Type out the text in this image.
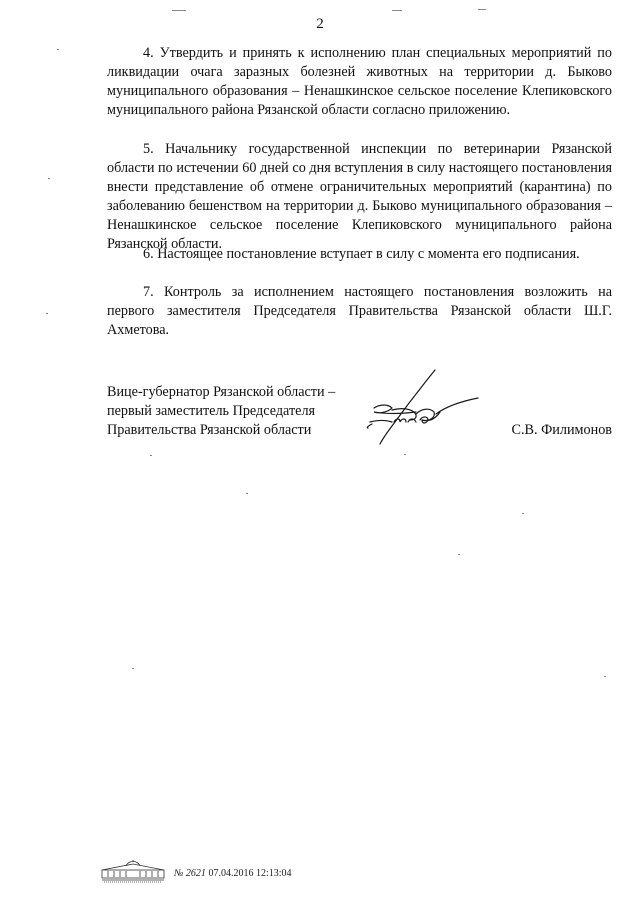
2

4. Утвердить и принять к исполнению план специальных мероприятий по ликвидации очага заразных болезней животных на территории д. Быково муниципального образования – Ненашкинское сельское поселение Клепиковского муниципального района Рязанской области согласно приложению.

5. Начальнику государственной инспекции по ветеринарии Рязанской области по истечении 60 дней со дня вступления в силу настоящего постановления внести представление об отмене ограничительных мероприятий (карантина) по заболеванию бешенством на территории д. Быково муниципального образования – Ненашкинское сельское поселение Клепиковского муниципального района Рязанской области.

6. Настоящее постановление вступает в силу с момента его подписания.

7. Контроль за исполнением настоящего постановления возложить на первого заместителя Председателя Правительства Рязанской области Ш.Г. Ахметова.

Вице-губернатор Рязанской области –
первый заместитель Председателя
Правительства Рязанской области	С.В. Филимонов
№ 2621 07.04.2016 12:13:04
